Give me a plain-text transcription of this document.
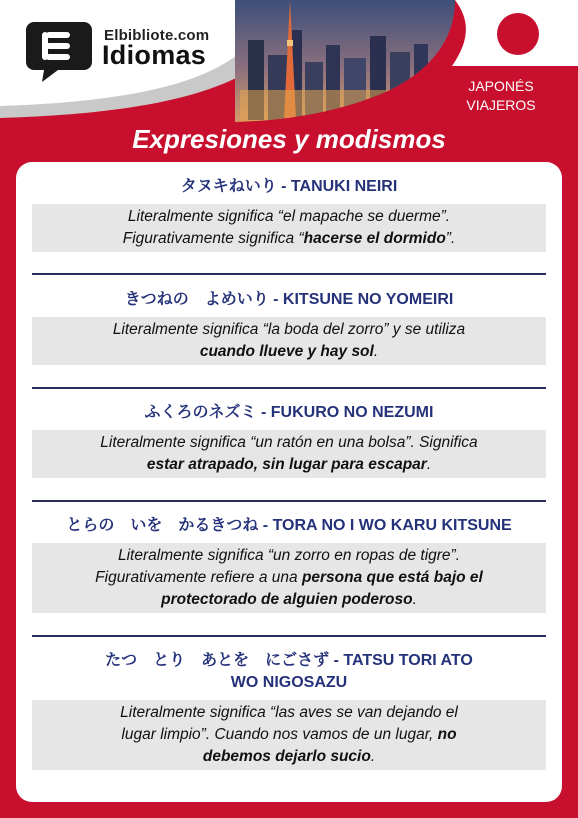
Elbibliote.com

Idiomas

JAPONÉS
VIAJEROS
Expresiones y modismos

タヌキねいり - TANUKI NEIRI

Literalmente significa “el mapache se duerme”.
Figurativamente significa “hacerse el dormido”.

きつねの　よめいり - KITSUNE NO YOMEIRI

Literalmente significa “la boda del zorro” y se utiliza
cuando llueve y hay sol.

ふくろのネズミ - FUKURO NO NEZUMI

Literalmente significa “un ratón en una bolsa”. Significa
estar atrapado, sin lugar para escapar.

とらの　いを　かるきつね - TORA NO I WO KARU KITSUNE

Literalmente significa “un zorro en ropas de tigre”.
Figurativamente refiere a una persona que está bajo el
protectorado de alguien poderoso.

たつ　とり　あとを　にごさず - TATSU TORI ATO
WO NIGOSAZU

Literalmente significa “las aves se van dejando el
lugar limpio”. Cuando nos vamos de un lugar, no
debemos dejarlo sucio.
